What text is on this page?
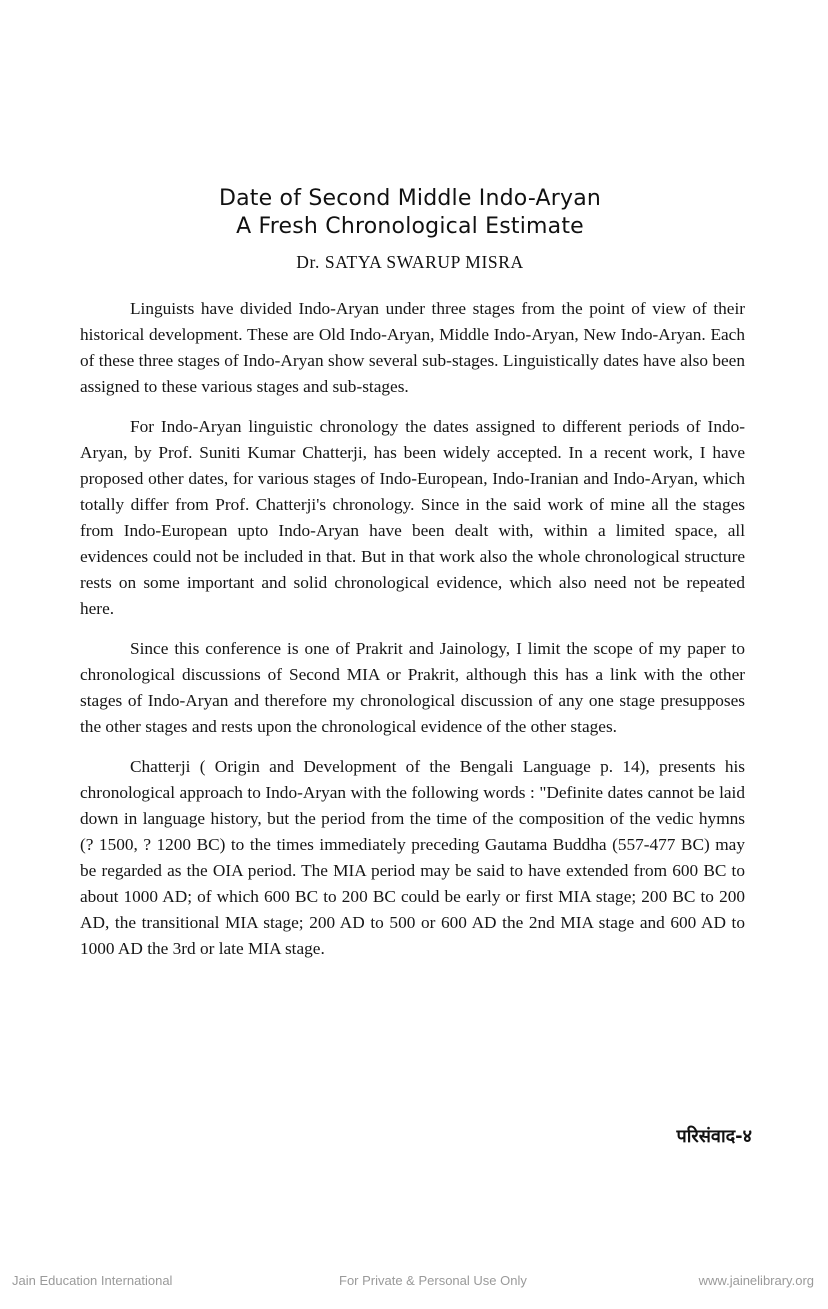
Date of Second Middle Indo-Aryan
A Fresh Chronological Estimate
Dr. SATYA SWARUP MISRA

Linguists have divided Indo-Aryan under three stages from the point of view of their historical development. These are Old Indo-Aryan, Middle Indo-Aryan, New Indo-Aryan. Each of these three stages of Indo-Aryan show several sub-stages. Linguistically dates have also been assigned to these various stages and sub-stages.

For Indo-Aryan linguistic chronology the dates assigned to different periods of Indo-Aryan, by Prof. Suniti Kumar Chatterji, has been widely accepted. In a recent work, I have proposed other dates, for various stages of Indo-European, Indo-Iranian and Indo-Aryan, which totally differ from Prof. Chatterji's chronology. Since in the said work of mine all the stages from Indo-European upto Indo-Aryan have been dealt with, within a limited space, all evidences could not be included in that. But in that work also the whole chronological structure rests on some important and solid chronological evidence, which also need not be repeated here.

Since this conference is one of Prakrit and Jainology, I limit the scope of my paper to chronological discussions of Second MIA or Prakrit, although this has a link with the other stages of Indo-Aryan and therefore my chronological discussion of any one stage presupposes the other stages and rests upon the chronological evidence of the other stages.

Chatterji ( Origin and Development of the Bengali Language p. 14), presents his chronological approach to Indo-Aryan with the following words : "Definite dates cannot be laid down in language history, but the period from the time of the composition of the vedic hymns (? 1500, ? 1200 BC) to the times immediately preceding Gautama Buddha (557-477 BC) may be regarded as the OIA period. The MIA period may be said to have extended from 600 BC to about 1000 AD; of which 600 BC to 200 BC could be early or first MIA stage; 200 BC to 200 AD, the transitional MIA stage; 200 AD to 500 or 600 AD the 2nd MIA stage and 600 AD to 1000 AD the 3rd or late MIA stage.

परिसंवाद-४
Jain Education International	For Private & Personal Use Only	www.jainelibrary.org
